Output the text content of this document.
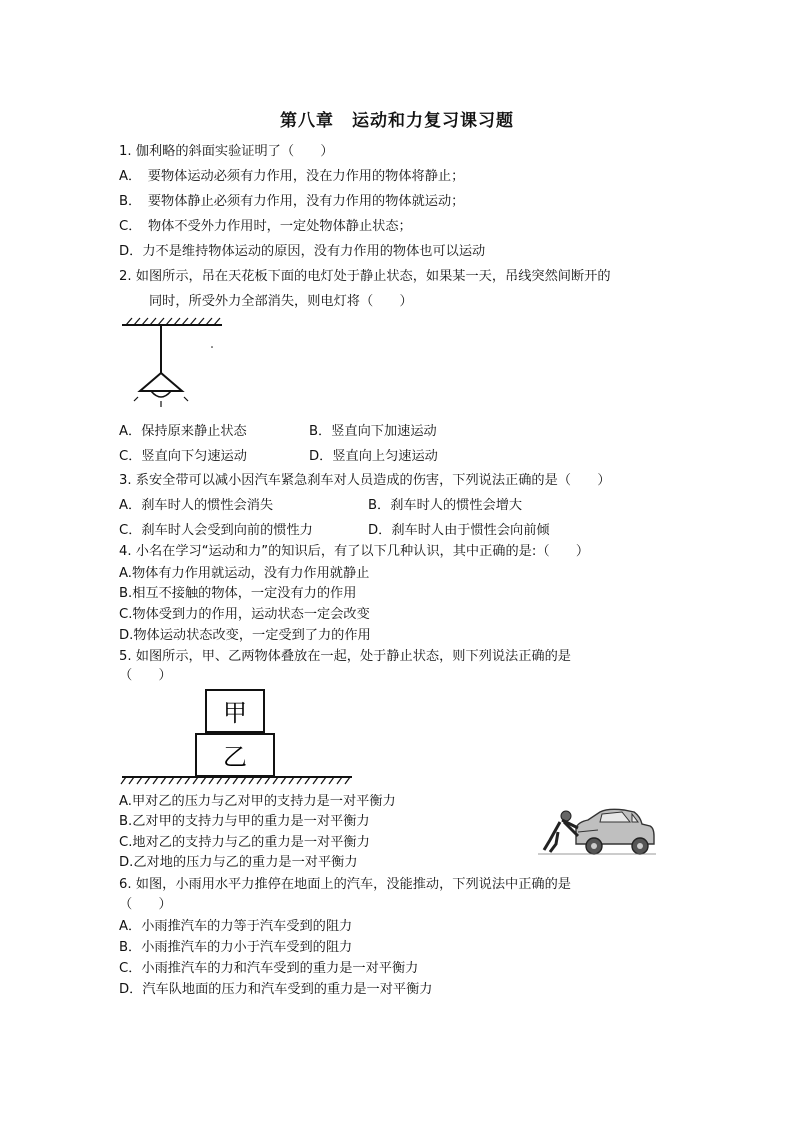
第八章　运动和力复习课习题
1. 伽利略的斜面实验证明了（　　）
A．　要物体运动必须有力作用，没在力作用的物体将静止；
B．　要物体静止必须有力作用，没有力作用的物体就运动；
C．　物体不受外力作用时，一定处物体静止状态；
D．力不是维持物体运动的原因，没有力作用的物体也可以运动
2. 如图所示，吊在天花板下面的电灯处于静止状态，如果某一天，吊线突然间断开的
同时，所受外力全部消失，则电灯将（　　）
A．保持原来静止状态	B．竖直向下加速运动
C．竖直向下匀速运动	D．竖直向上匀速运动
3. 系安全带可以减小因汽车紧急刹车对人员造成的伤害，下列说法正确的是（　　）
A．刹车时人的惯性会消失	B．刹车时人的惯性会增大
C．刹车时人会受到向前的惯性力	D．刹车时人由于惯性会向前倾
4. 小名在学习“运动和力”的知识后，有了以下几种认识，其中正确的是:（　　）
A.物体有力作用就运动，没有力作用就静止
B.相互不接触的物体，一定没有力的作用
C.物体受到力的作用，运动状态一定会改变
D.物体运动状态改变，一定受到了力的作用
5. 如图所示，甲、乙两物体叠放在一起，处于静止状态，则下列说法正确的是
（　　）
甲
乙
A.甲对乙的压力与乙对甲的支持力是一对平衡力
B.乙对甲的支持力与甲的重力是一对平衡力
C.地对乙的支持力与乙的重力是一对平衡力
D.乙对地的压力与乙的重力是一对平衡力
6. 如图，小雨用水平力推停在地面上的汽车，没能推动，下列说法中正确的是
（　　）
A．小雨推汽车的力等于汽车受到的阻力
B．小雨推汽车的力小于汽车受到的阻力
C．小雨推汽车的力和汽车受到的重力是一对平衡力
D．汽车队地面的压力和汽车受到的重力是一对平衡力
